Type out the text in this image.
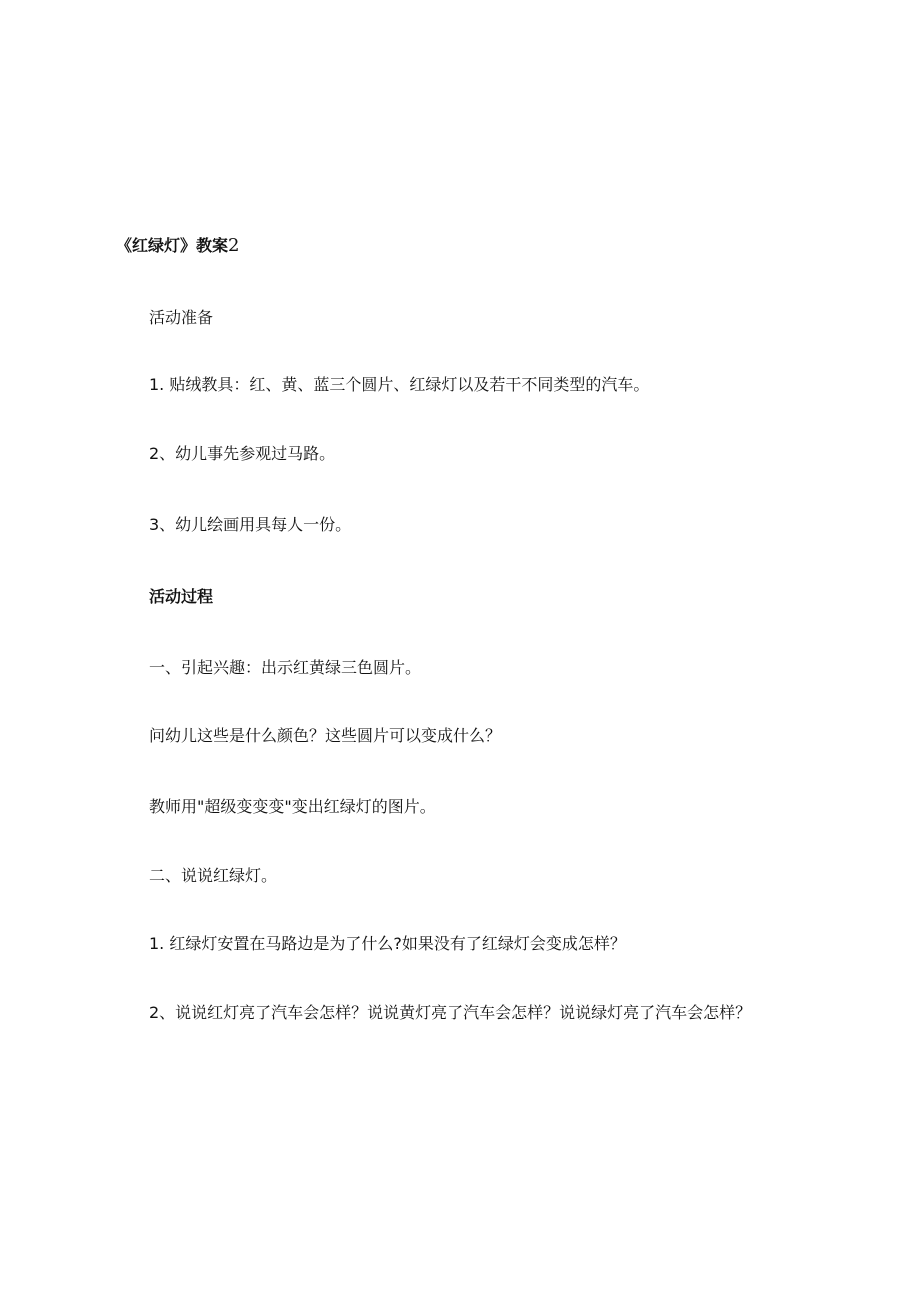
《红绿灯》教案2
活动准备
1. 贴绒教具：红、黄、蓝三个圆片、红绿灯以及若干不同类型的汽车。
2、幼儿事先参观过马路。
3、幼儿绘画用具每人一份。
活动过程
一、引起兴趣：出示红黄绿三色圆片。
问幼儿这些是什么颜色？这些圆片可以变成什么？
教师用"超级变变变"变出红绿灯的图片。
二、说说红绿灯。
1. 红绿灯安置在马路边是为了什么?如果没有了红绿灯会变成怎样？
2、说说红灯亮了汽车会怎样？说说黄灯亮了汽车会怎样？说说绿灯亮了汽车会怎样？
